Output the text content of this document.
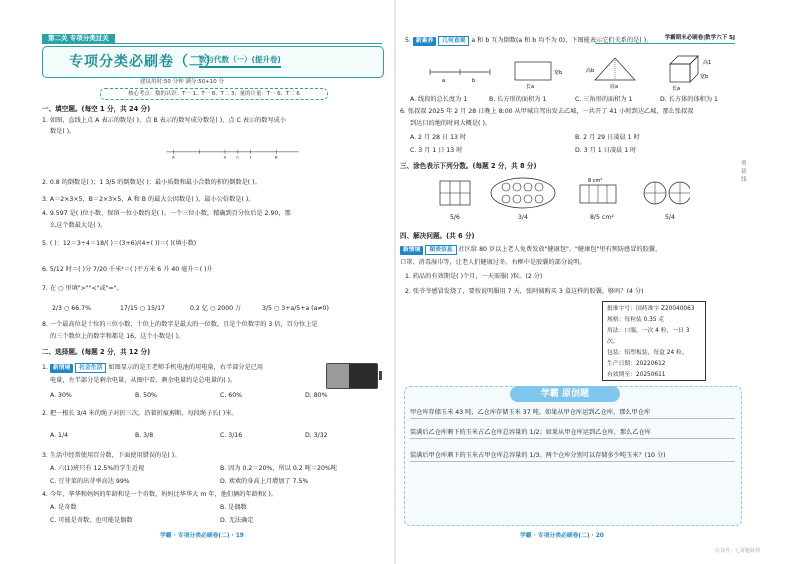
第二关 专项分类过关
专项分类必刷卷（二）
数与代数（一）(提升卷)
建议用时:50 分钟 满分:50+10 分
核心考点：数的认识：T一 1、T一 8、T二 3；量的计量：T一 6、T二 6
一、填空题。(每空 1 分，共 24 分)
1. 如图，直线上点 A 表示的数是( )，点 B 表示的数写成分数是( )，点 C 表示的数写成小
数是( )。
A	0 C 1	B
2. 0.8 的倒数是( )；1 3/5 的倒数是( )；最小质数和最小合数的积的倒数是( )。
3. A＝2×3×5，B＝2×3×5，A 和 B 的最大公因数是( )，最小公倍数是( )。
4. 9.597 是( )位小数，保留一位小数约是( )。一个三位小数，精确到百分位后是 2.90，那
么这个数最大是( )。
5. ( )：12＝3÷4＝18/( )＝(3+6)/(4+( ))＝( )(填小数)
6. 5/12 时＝( )分 7/20 千米²＝( )平方米 6 升 40 毫升＝( )升
7. 在 ○ 里填">""<"或"="。
2/3 ○ 66.7%	17/15 ○ 15/17	0.2 亿 ○ 2000 万	3/5 ○ 3+a/5+a (a≠0)
8. 一个最高位是十位的三位小数，十位上的数字是最大的一位数，且是个位数字的 3 倍，百分位上是
的三个数位上的数字和都是 16，这个小数是( )。
二、选择题。(每题 2 分，共 12 分)
1. 新情境 社会生活 如图显示的是王老师手机电池的用电量，右半部分是已用
电量，左半部分是剩余电量，从图中看，剩余电量约是总电量的( )。
A. 30%	B. 50%	C. 60%	D. 80%
2. 把一根长 3/4 米的绳子对折三次，沿着折痕剪断，每段绳子长( )米。
A. 1/4	B. 3/8	C. 3/16	D. 3/32
3. 生活中经常使用百分数，下面使用错误的是( )。
A. 六(1)班只有 12.5%的学生近视	B. 因为 0.2＝20%，所以 0.2 吨＝20%吨
C. 豆芽菜的出芽率高达 99%	D. 欢欢的身高上月增加了 7.5%
4. 今年，华华和妈妈的年龄和是一个奇数，妈妈比华华大 m 年，他们俩的年龄和( )。
A. 是奇数	B. 是偶数
C. 可能是奇数，也可能是偶数	D. 无法确定
学霸 · 专项分类必刷卷(二) · 19
学霸期末必刷卷|数学六下 SJ
5. 新素养 几何直观 a 和 b 互为倒数(a 和 b 均不为 0)，下图能表示它们关系的是( )。
a	b
长a
宽b	高b
底a
高1
宽b
长a
A. 线段的总长度为 1	B. 长方形的面积为 1	C. 三角形的面积为 1	D. 长方体的体积为 1
6. 张叔叔 2025 年 2 月 28 日晚上 8:00 从甲城自驾出发去乙城，一共开了 41 小时到达乙城，那么张叔叔
到达目的地的时间大概是( )。
A. 2 月 28 日 13 时	B. 2 月 29 日凌晨 1 时
C. 3 月 1 日 13 时	D. 3 月 1 日凌晨 1 时
三、涂色表示下列分数。(每题 2 分，共 8 分)
8 cm²
5/6	3/4	8/5 cm²	5/4
四、解决问题。(共 6 分)
新情境 图表信息 社区给 80 岁以上老人免费发放"健康包"。"健康包"里有预防感冒的胶囊、
口罩、消毒湿巾等，让老人们健康过冬。右框中是胶囊的部分说明。
1. 药品的有效期是( )个月，一天需服( )粒。(2 分)
2. 张爷爷感冒发烧了，要按说明服用 7 天，张阿姨购买 3 盒这样的胶囊，够吗？(4 分)
批准字号：国药准字 Z20040063
规格：每粒装 0.35 克
用法：口服，一次 4 粒，一日 3 次。
包装：铝塑板装，每盒 24 粒。
生产日期：20220612
有效期至：20250611
学霸 原创题
甲仓库存储玉米 43 吨，乙仓库存储玉米 37 吨。如果从甲仓库运到乙仓库，那么甲仓库
装满后乙仓库剩下的玉米占乙仓库总容量的 1/2；如果从甲仓库运到乙仓库，那么乙仓库
装满后甲仓库剩下的玉米占甲仓库总容量的 1/3。两个仓库分别可以存储多少吨玉米？(10 分)
学霸 · 专项分类必刷卷(二) · 20
剪 裁 线
公众号：七哥题栽邦
